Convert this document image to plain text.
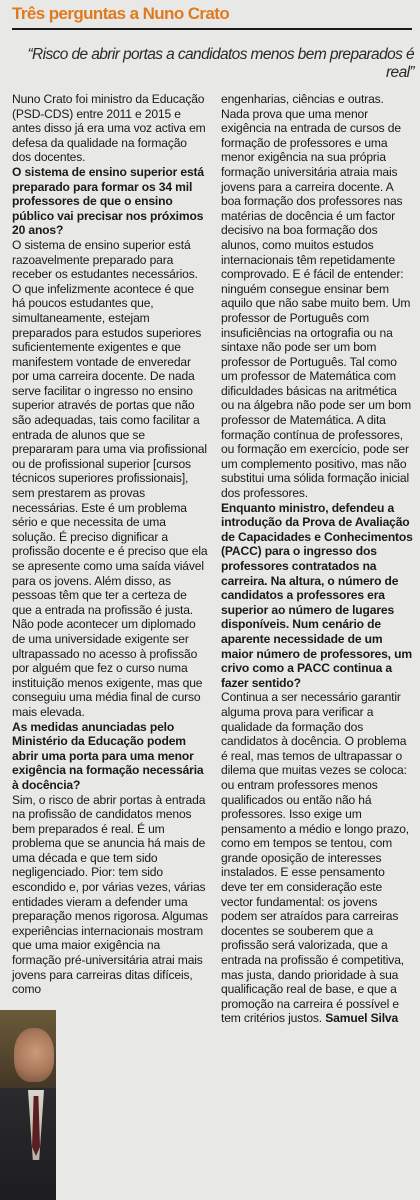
Três perguntas a Nuno Crato
“Risco de abrir portas a candidatos menos bem preparados é real”

Nuno Crato foi ministro da Educação (PSD-CDS) entre 2011 e 2015 e antes disso já era uma voz activa em defesa da qualidade na formação dos docentes.

O sistema de ensino superior está preparado para formar os 34 mil professores de que o ensino público vai precisar nos próximos 20 anos?

O sistema de ensino superior está razoavelmente preparado para receber os estudantes necessários. O que infelizmente acontece é que há poucos estudantes que, simultaneamente, estejam preparados para estudos superiores suficientemente exigentes e que manifestem vontade de enveredar por uma carreira docente. De nada serve facilitar o ingresso no ensino superior através de portas que não são adequadas, tais como facilitar a entrada de alunos que se prepararam para uma via profissional ou de profissional superior [cursos técnicos superiores profissionais], sem prestarem as provas necessárias. Este é um problema sério e que necessita de uma solução. É preciso dignificar a profissão docente e é preciso que ela se apresente como uma saída viável para os jovens. Além disso, as pessoas têm que ter a certeza de que a entrada na profissão é justa. Não pode acontecer um diplomado de uma universidade exigente ser ultrapassado no acesso à profissão por alguém que fez o curso numa instituição menos exigente, mas que conseguiu uma média final de curso mais elevada.

As medidas anunciadas pelo Ministério da Educação podem abrir uma porta para uma menor exigência na formação necessária à docência?

Sim, o risco de abrir portas à entrada na profissão de candidatos menos bem preparados é real. É um problema que se anuncia há mais de uma década e que tem sido negligenciado. Pior: tem sido escondido e, por várias vezes, várias entidades vieram a defender uma preparação menos rigorosa. Algumas experiências internacionais mostram que uma maior exigência na formação pré-universitária atrai mais jovens para carreiras ditas difíceis, como

engenharias, ciências e outras. Nada prova que uma menor exigência na entrada de cursos de formação de professores e uma menor exigência na sua própria formação universitária atraia mais jovens para a carreira docente. A boa formação dos professores nas matérias de docência é um factor decisivo na boa formação dos alunos, como muitos estudos internacionais têm repetidamente comprovado. E é fácil de entender: ninguém consegue ensinar bem aquilo que não sabe muito bem. Um professor de Português com insuficiências na ortografia ou na sintaxe não pode ser um bom professor de Português. Tal como um professor de Matemática com dificuldades básicas na aritmética ou na álgebra não pode ser um bom professor de Matemática. A dita formação contínua de professores, ou formação em exercício, pode ser um complemento positivo, mas não substitui uma sólida formação inicial dos professores.

Enquanto ministro, defendeu a introdução da Prova de Avaliação de Capacidades e Conhecimentos (PACC) para o ingresso dos professores contratados na carreira. Na altura, o número de candidatos a professores era superior ao número de lugares disponíveis. Num cenário de aparente necessidade de um maior número de professores, um crivo como a PACC continua a fazer sentido?

Continua a ser necessário garantir alguma prova para verificar a qualidade da formação dos candidatos à docência. O problema é real, mas temos de ultrapassar o dilema que muitas vezes se coloca: ou entram professores menos qualificados ou então não há professores. Isso exige um pensamento a médio e longo prazo, como em tempos se tentou, com grande oposição de interesses instalados. E esse pensamento deve ter em consideração este vector fundamental: os jovens podem ser atraídos para carreiras docentes se souberem que a profissão será valorizada, que a entrada na profissão é competitiva, mas justa, dando prioridade à sua qualificação real de base, e que a promoção na carreira é possível e tem critérios justos. Samuel Silva
